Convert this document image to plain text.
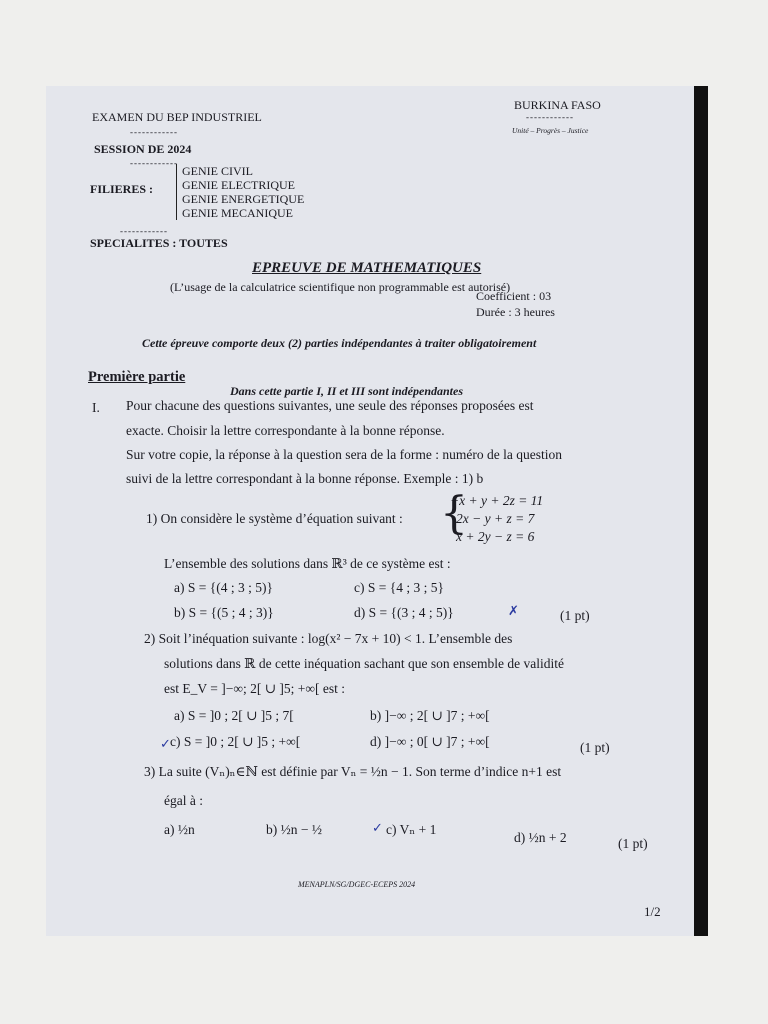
EXAMEN DU BEP INDUSTRIEL
------------
SESSION DE 2024
------------
FILIERES :
GENIE CIVIL
GENIE ELECTRIQUE
GENIE ENERGETIQUE
GENIE MECANIQUE
------------
SPECIALITES : TOUTES
BURKINA FASO
------------
Unité – Progrès – Justice
EPREUVE DE MATHEMATIQUES
(L’usage de la calculatrice scientifique non programmable est autorisé)
Coefficient : 03
Durée : 3 heures
Cette épreuve comporte deux (2) parties indépendantes à traiter obligatoirement
Première partie
Dans cette partie I, II et III sont indépendantes
I. Pour chacune des questions suivantes, une seule des réponses proposées est
exacte. Choisir la lettre correspondante à la bonne réponse.
Sur votre copie, la réponse à la question sera de la forme : numéro de la question
suivi de la lettre correspondant à la bonne réponse. Exemple : 1) b
1) On considère le système d’équation suivant : {
−x + y + 2z = 11
2x − y + z = 7
x + 2y − z = 6
L’ensemble des solutions dans ℝ³ de ce système est :
a) S = {(4 ; 3 ; 5)}	c) S = {4 ; 3 ; 5}
b) S = {(5 ; 4 ; 3)}	d) S = {(3 ; 4 ; 5)}	✗	(1 pt)
2) Soit l’inéquation suivante : log(x² − 7x + 10) < 1. L’ensemble des
solutions dans ℝ de cette inéquation sachant que son ensemble de validité
est E_V = ]−∞; 2[ ∪ ]5; +∞[ est :
a) S = ]0 ; 2[ ∪ ]5 ; 7[	b) ]−∞ ; 2[ ∪ ]7 ; +∞[
✓ c) S = ]0 ; 2[ ∪ ]5 ; +∞[	d) ]−∞ ; 0[ ∪ ]7 ; +∞[	(1 pt)
3) La suite (Vₙ)ₙ∈ℕ est définie par Vₙ = ½n − 1. Son terme d’indice n+1 est
égal à :
a) ½n	b) ½n − ½	✓ c) Vₙ + 1
d) ½n + 2	(1 pt)
MENAPLN/SG/DGEC-ECEPS 2024
1/2
